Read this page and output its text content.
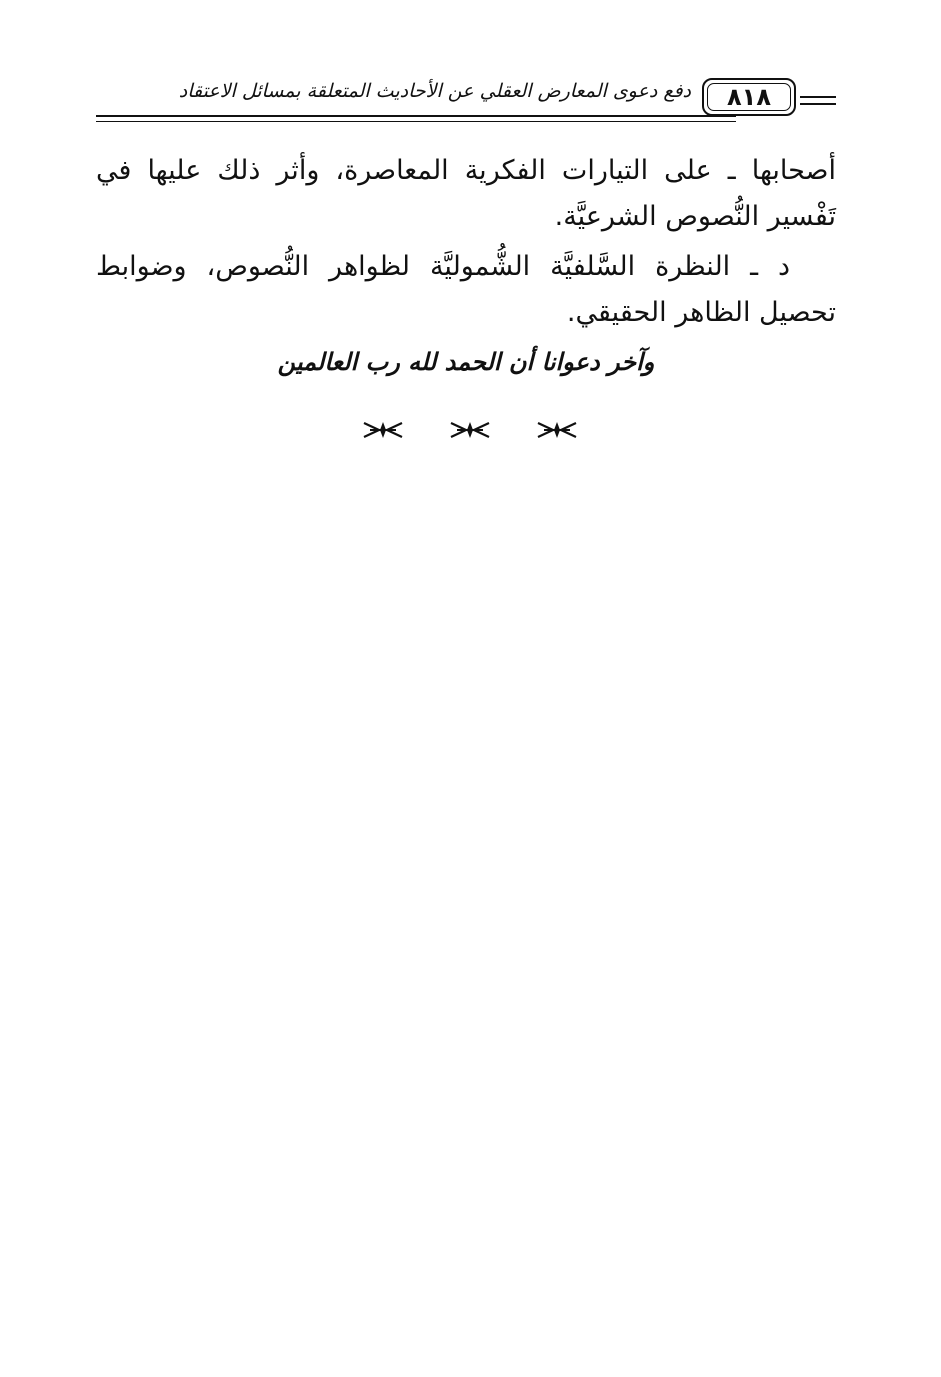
٨١٨
دفع دعوى المعارض العقلي عن الأحاديث المتعلقة بمسائل الاعتقاد

أصحابها ـ على التيارات الفكرية المعاصرة، وأثر ذلك عليها في تَفْسير النُّصوص الشرعيَّة.

د ـ النظرة السَّلفيَّة الشُّموليَّة لظواهر النُّصوص، وضوابط تحصيل الظاهر الحقيقي.

وآخر دعوانا أن الحمد لله رب العالمين
